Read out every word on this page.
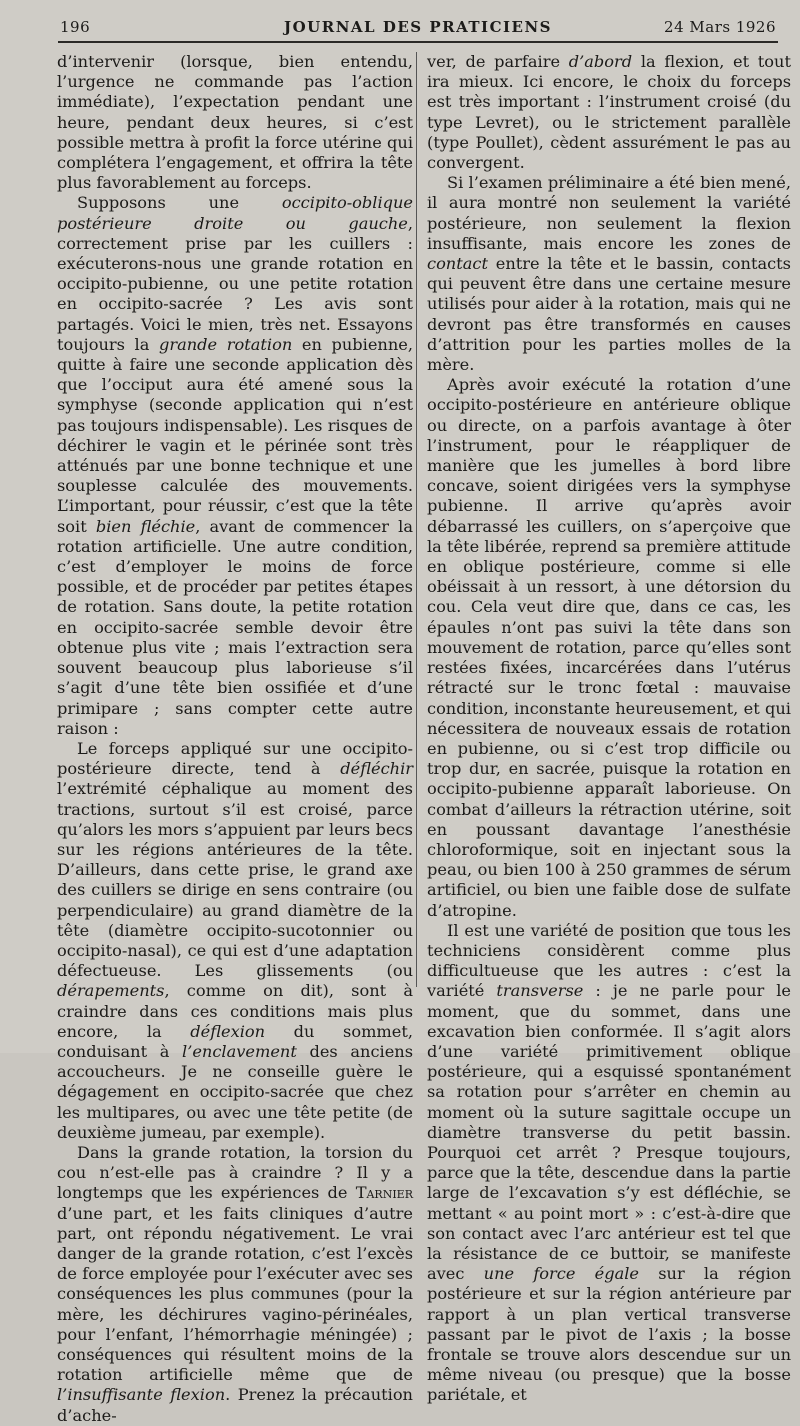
196	JOURNAL DES PRATICIENS	24 Mars 1926

d’intervenir (lorsque, bien entendu, l’urgence ne commande pas l’action immédiate), l’expectation pendant une heure, pendant deux heures, si c’est possible mettra à profit la force utérine qui complétera l’engagement, et offrira la tête plus favorablement au forceps.

Supposons une occipito-oblique postérieure droite ou gauche, correctement prise par les cuillers : exécuterons-nous une grande rotation en occipito-pubienne, ou une petite rotation en occipito-sacrée ? Les avis sont partagés. Voici le mien, très net. Essayons toujours la grande rotation en pubienne, quitte à faire une seconde application dès que l’occiput aura été amené sous la symphyse (seconde application qui n’est pas toujours indispensable). Les risques de déchirer le vagin et le périnée sont très atténués par une bonne technique et une souplesse calculée des mouvements. L’important, pour réussir, c’est que la tête soit bien fléchie, avant de commencer la rotation artificielle. Une autre condition, c’est d’employer le moins de force possible, et de procéder par petites étapes de rotation. Sans doute, la petite rotation en occipito-sacrée semble devoir être obtenue plus vite ; mais l’extraction sera souvent beaucoup plus laborieuse s’il s’agit d’une tête bien ossifiée et d’une primipare ; sans compter cette autre raison :

Le forceps appliqué sur une occipito-postérieure directe, tend à défléchir l’extrémité céphalique au moment des tractions, surtout s’il est croisé, parce qu’alors les mors s’appuient par leurs becs sur les régions antérieures de la tête. D’ailleurs, dans cette prise, le grand axe des cuillers se dirige en sens contraire (ou perpendiculaire) au grand diamètre de la tête (diamètre occipito-sucotonnier ou occipito-nasal), ce qui est d’une adaptation défectueuse. Les glissements (ou dérapements, comme on dit), sont à craindre dans ces conditions mais plus encore, la déflexion du sommet, conduisant à l’enclavement des anciens accoucheurs. Je ne conseille guère le dégagement en occipito-sacrée que chez les multipares, ou avec une tête petite (de deuxième jumeau, par exemple).

Dans la grande rotation, la torsion du cou n’est-elle pas à craindre ? Il y a longtemps que les expériences de Tarnier d’une part, et les faits cliniques d’autre part, ont répondu négativement. Le vrai danger de la grande rotation, c’est l’excès de force employée pour l’exécuter avec ses conséquences les plus communes (pour la mère, les déchirures vagino-périnéales, pour l’enfant, l’hémorrhagie méningée) ; conséquences qui résultent moins de la rotation artificielle même que de l’insuffisante flexion. Prenez la précaution d’ache-

ver, de parfaire d’abord la flexion, et tout ira mieux. Ici encore, le choix du forceps est très important : l’instrument croisé (du type Levret), ou le strictement parallèle (type Poullet), cèdent assurément le pas au convergent.

Si l’examen préliminaire a été bien mené, il aura montré non seulement la variété postérieure, non seulement la flexion insuffisante, mais encore les zones de contact entre la tête et le bassin, contacts qui peuvent être dans une certaine mesure utilisés pour aider à la rotation, mais qui ne devront pas être transformés en causes d’attrition pour les parties molles de la mère.

Après avoir exécuté la rotation d’une occipito-postérieure en antérieure oblique ou directe, on a parfois avantage à ôter l’instrument, pour le réappliquer de manière que les jumelles à bord libre concave, soient dirigées vers la symphyse pubienne. Il arrive qu’après avoir débarrassé les cuillers, on s’aperçoive que la tête libérée, reprend sa première attitude en oblique postérieure, comme si elle obéissait à un ressort, à une détorsion du cou. Cela veut dire que, dans ce cas, les épaules n’ont pas suivi la tête dans son mouvement de rotation, parce qu’elles sont restées fixées, incarcérées dans l’utérus rétracté sur le tronc fœtal : mauvaise condition, inconstante heureusement, et qui nécessitera de nouveaux essais de rotation en pubienne, ou si c’est trop difficile ou trop dur, en sacrée, puisque la rotation en occipito-pubienne apparaît laborieuse. On combat d’ailleurs la rétraction utérine, soit en poussant davantage l’anesthésie chloroformique, soit en injectant sous la peau, ou bien 100 à 250 grammes de sérum artificiel, ou bien une faible dose de sulfate d’atropine.

Il est une variété de position que tous les techniciens considèrent comme plus difficultueuse que les autres : c’est la variété transverse : je ne parle pour le moment, que du sommet, dans une excavation bien conformée. Il s’agit alors d’une variété primitivement oblique postérieure, qui a esquissé spontanément sa rotation pour s’arrêter en chemin au moment où la suture sagittale occupe un diamètre transverse du petit bassin. Pourquoi cet arrêt ? Presque toujours, parce que la tête, descendue dans la partie large de l’excavation s’y est défléchie, se mettant « au point mort » : c’est-à-dire que son contact avec l’arc antérieur est tel que la résistance de ce buttoir, se manifeste avec une force égale sur la région postérieure et sur la région antérieure par rapport à un plan vertical transverse passant par le pivot de l’axis ; la bosse frontale se trouve alors descendue sur un même niveau (ou presque) que la bosse pariétale, et
